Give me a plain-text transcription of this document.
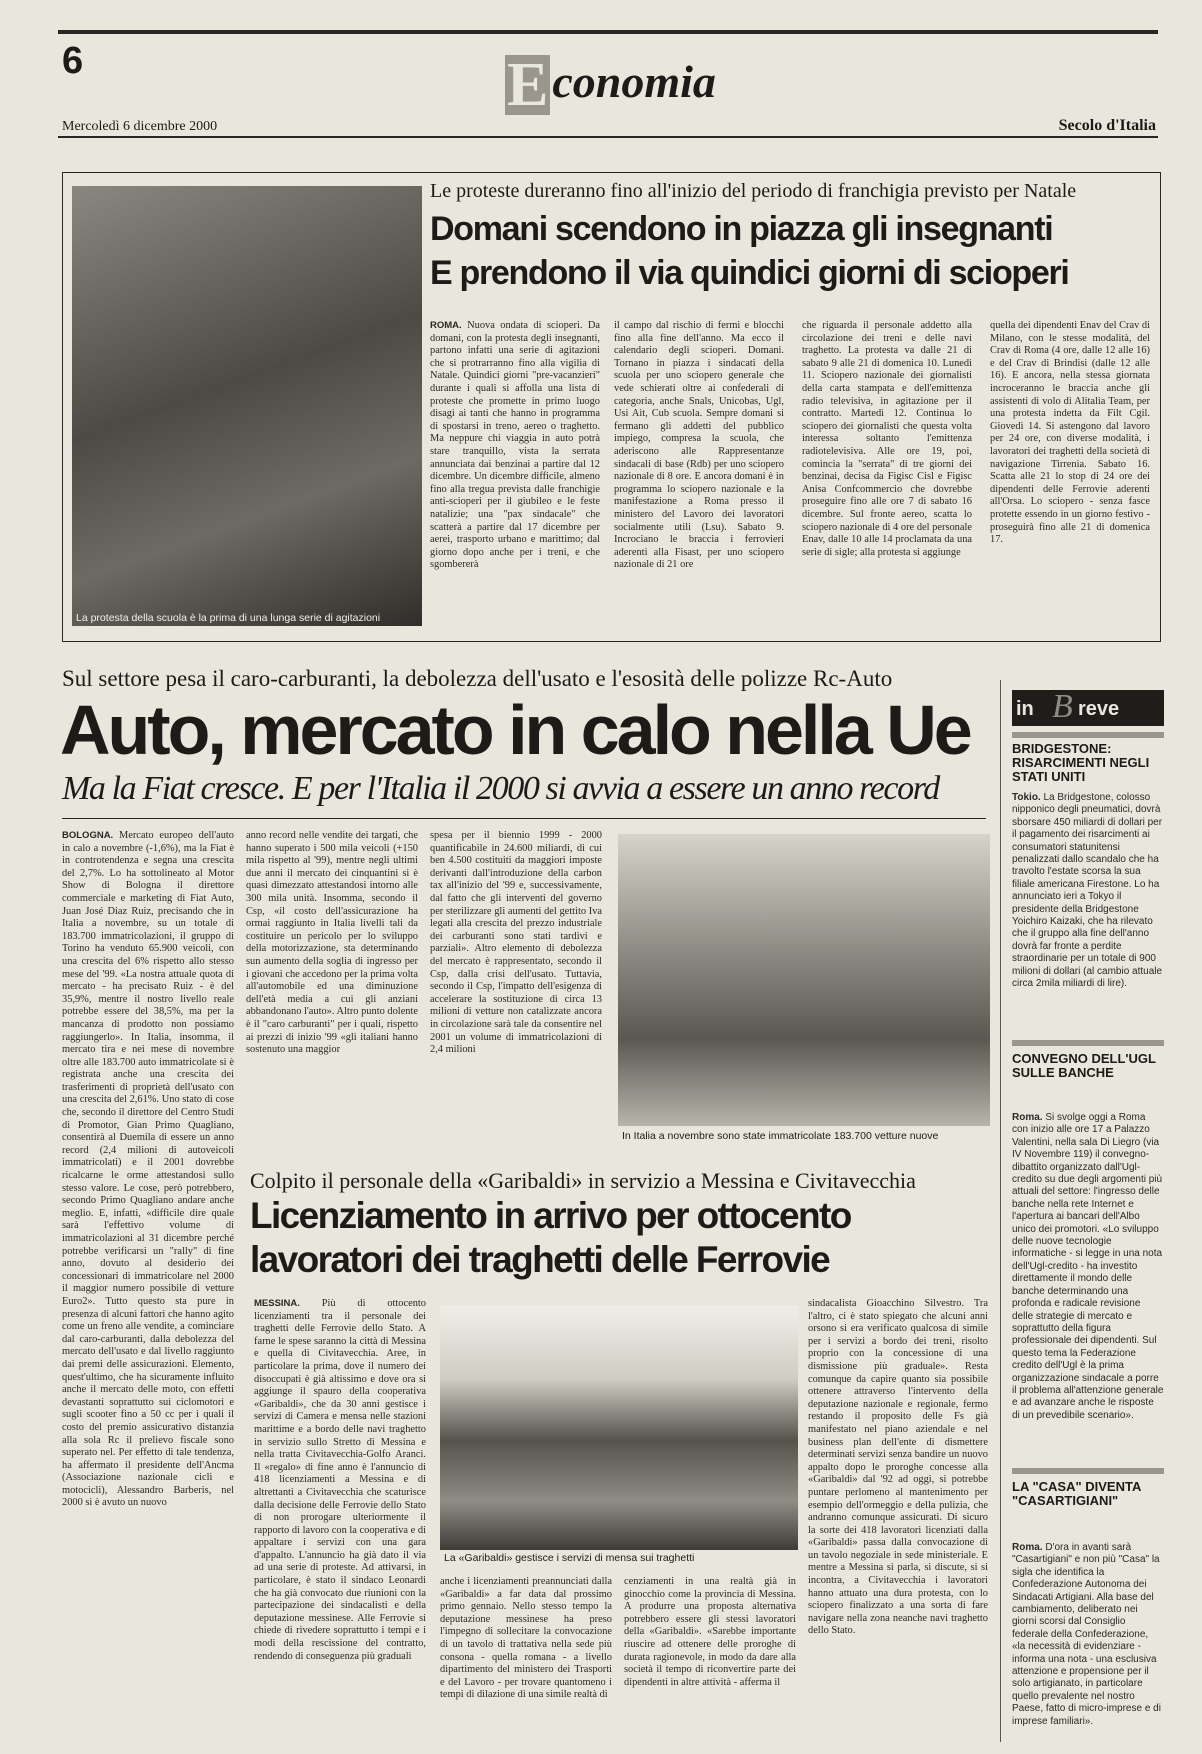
6	Economia
Mercoledì 6 dicembre 2000	Secolo d'Italia
La protesta della scuola è la prima di una lunga serie di agitazioni
Le proteste dureranno fino all'inizio del periodo di franchigia previsto per Natale
Domani scendono in piazza gli insegnanti
E prendono il via quindici giorni di scioperi
ROMA. Nuova ondata di scioperi. Da domani, con la protesta degli insegnanti, partono infatti una serie di agitazioni che si protrarranno fino alla vigilia di Natale. Quindici giorni "pre-vacanzieri" durante i quali si affolla una lista di proteste che promette in primo luogo disagi ai tanti che hanno in programma di spostarsi in treno, aereo o traghetto. Ma neppure chi viaggia in auto potrà stare tranquillo, vista la serrata annunciata dai benzinai a partire dal 12 dicembre. Un dicembre difficile, almeno fino alla tregua prevista dalle franchigie anti-scioperi per il giubileo e le feste natalizie; una "pax sindacale" che scatterà a partire dal 17 dicembre per aerei, trasporto urbano e marittimo; dal giorno dopo anche per i treni, e che sgombererà
il campo dal rischio di fermi e blocchi fino alla fine dell'anno. Ma ecco il calendario degli scioperi. Domani. Tornano in piazza i sindacati della scuola per uno sciopero generale che vede schierati oltre ai confederali di categoria, anche Snals, Unicobas, Ugl, Usi Ait, Cub scuola. Sempre domani si fermano gli addetti del pubblico impiego, compresa la scuola, che aderiscono alle Rappresentanze sindacali di base (Rdb) per uno sciopero nazionale di 8 ore. E ancora domani è in programma lo sciopero nazionale e la manifestazione a Roma presso il ministero del Lavoro dei lavoratori socialmente utili (Lsu). Sabato 9. Incrociano le braccia i ferrovieri aderenti alla Fisast, per uno sciopero nazionale di 21 ore
che riguarda il personale addetto alla circolazione dei treni e delle navi traghetto. La protesta va dalle 21 di sabato 9 alle 21 di domenica 10. Lunedì 11. Sciopero nazionale dei giornalisti della carta stampata e dell'emittenza radio televisiva, in agitazione per il contratto. Martedì 12. Continua lo sciopero dei giornalisti che questa volta interessa soltanto l'emittenza radiotelevisiva. Alle ore 19, poi, comincia la "serrata" di tre giorni dei benzinai, decisa da Figisc Cisl e Figisc Anisa Confcommercio che dovrebbe proseguire fino alle ore 7 di sabato 16 dicembre. Sul fronte aereo, scatta lo sciopero nazionale di 4 ore del personale Enav, dalle 10 alle 14 proclamata da una serie di sigle; alla protesta si aggiunge
quella dei dipendenti Enav del Crav di Milano, con le stesse modalità, del Crav di Roma (4 ore, dalle 12 alle 16) e del Crav di Brindisi (dalle 12 alle 16). E ancora, nella stessa giornata incroceranno le braccia anche gli assistenti di volo di Alitalia Team, per una protesta indetta da Filt Cgil. Giovedì 14. Si astengono dal lavoro per 24 ore, con diverse modalità, i lavoratori dei traghetti della società di navigazione Tirrenia. Sabato 16. Scatta alle 21 lo stop di 24 ore dei dipendenti delle Ferrovie aderenti all'Orsa. Lo sciopero - senza fasce protette essendo in un giorno festivo - proseguirà fino alle 21 di domenica 17.
Sul settore pesa il caro-carburanti, la debolezza dell'usato e l'esosità delle polizze Rc-Auto
Auto, mercato in calo nella Ue
Ma la Fiat cresce. E per l'Italia il 2000 si avvia a essere un anno record
BOLOGNA. Mercato europeo dell'auto in calo a novembre (-1,6%), ma la Fiat è in controtendenza e segna una crescita del 2,7%. Lo ha sottolineato al Motor Show di Bologna il direttore commerciale e marketing di Fiat Auto, Juan José Diaz Ruiz, precisando che in Italia a novembre, su un totale di 183.700 immatricolazioni, il gruppo di Torino ha venduto 65.900 veicoli, con una crescita del 6% rispetto allo stesso mese del '99. «La nostra attuale quota di mercato - ha precisato Ruiz - è del 35,9%, mentre il nostro livello reale potrebbe essere del 38,5%, ma per la mancanza di prodotto non possiamo raggiungerlo». In Italia, insomma, il mercato tira e nei mese di novembre oltre alle 183.700 auto immatricolate si è registrata anche una crescita dei trasferimenti di proprietà dell'usato con una crescita del 2,61%. Uno stato di cose che, secondo il direttore del Centro Studi di Promotor, Gian Primo Quagliano, consentirà al Duemila di essere un anno record (2,4 milioni di autoveicoli immatricolati) e il 2001 dovrebbe ricalcarne le orme attestandosi sullo stesso valore. Le cose, però potrebbero, secondo Primo Quagliano andare anche meglio. E, infatti, «difficile dire quale sarà l'effettivo volume di immatricolazioni al 31 dicembre perché potrebbe verificarsi un "rally" di fine anno, dovuto al desiderio dei concessionari di immatricolare nel 2000 il maggior numero possibile di vetture Euro2». Tutto questo sta pure in presenza di alcuni fattori che hanno agito come un freno alle vendite, a cominciare dal caro-carburanti, dalla debolezza del mercato dell'usato e dal livello raggiunto dai premi delle assicurazioni. Elemento, quest'ultimo, che ha sicuramente influito anche il mercato delle moto, con effetti devastanti soprattutto sui ciclomotori e sugli scooter fino a 50 cc per i quali il costo del premio assicurativo distanzia alla sola Rc il prelievo fiscale sono superato nel. Per effetto di tale tendenza, ha affermato il presidente dell'Ancma (Associazione nazionale cicli e motocicli), Alessandro Barberis, nel 2000 si è avuto un nuovo
anno record nelle vendite dei targati, che hanno superato i 500 mila veicoli (+150 mila rispetto al '99), mentre negli ultimi due anni il mercato dei cinquantini si è quasi dimezzato attestandosi intorno alle 300 mila unità. Insomma, secondo il Csp, «il costo dell'assicurazione ha ormai raggiunto in Italia livelli tali da costituire un pericolo per lo sviluppo della motorizzazione, sta determinando sun aumento della soglia di ingresso per i giovani che accedono per la prima volta all'automobile ed una diminuzione dell'età media a cui gli anziani abbandonano l'auto». Altro punto dolente è il "caro carburanti" per i quali, rispetto ai prezzi di inizio '99 «gli italiani hanno sostenuto una maggior
spesa per il biennio 1999 - 2000 quantificabile in 24.600 miliardi, di cui ben 4.500 costituiti da maggiori imposte derivanti dall'introduzione della carbon tax all'inizio del '99 e, successivamente, dal fatto che gli interventi del governo per sterilizzare gli aumenti del gettito Iva legati alla crescita del prezzo industriale dei carburanti sono stati tardivi e parziali». Altro elemento di debolezza del mercato è rappresentato, secondo il Csp, dalla crisi dell'usato. Tuttavia, secondo il Csp, l'impatto dell'esigenza di accelerare la sostituzione di circa 13 milioni di vetture non catalizzate ancora in circolazione sarà tale da consentire nel 2001 un volume di immatricolazioni di 2,4 milioni
In Italia a novembre sono state immatricolate 183.700 vetture nuove
Colpito il personale della «Garibaldi» in servizio a Messina e Civitavecchia
Licenziamento in arrivo per ottocento
lavoratori dei traghetti delle Ferrovie
MESSINA. Più di ottocento licenziamenti tra il personale dei traghetti delle Ferrovie dello Stato. A farne le spese saranno la città di Messina e quella di Civitavecchia. Aree, in particolare la prima, dove il numero dei disoccupati è già altissimo e dove ora si aggiunge il spauro della cooperativa «Garibaldi», che da 30 anni gestisce i servizi di Camera e mensa nelle stazioni marittime e a bordo delle navi traghetto in servizio sullo Stretto di Messina e nella tratta Civitavecchia-Golfo Aranci. Il «regalo» di fine anno è l'annuncio di 418 licenziamenti a Messina e di altrettanti a Civitavecchia che scaturisce dalla decisione delle Ferrovie dello Stato di non prorogare ulteriormente il rapporto di lavoro con la cooperativa e di appaltare i servizi con una gara d'appalto. L'annuncio ha già dato il via ad una serie di proteste. Ad attivarsi, in particolare, è stato il sindaco Leonardi che ha già convocato due riunioni con la partecipazione dei sindacalisti e della deputazione messinese. Alle Ferrovie si chiede di rivedere soprattutto i tempi e i modi della rescissione del contratto, rendendo di conseguenza più graduali
La «Garibaldi» gestisce i servizi di mensa sui traghetti
anche i licenziamenti preannunciati dalla «Garibaldi» a far data dal prossimo primo gennaio. Nello stesso tempo la deputazione messinese ha preso l'impegno di sollecitare la convocazione di un tavolo di trattativa nella sede più consona - quella romana - a livello dipartimento del ministero dei Trasporti e del Lavoro - per trovare quantomeno i tempi di dilazione di una simile realtà di
cenziamenti in una realtà già in ginocchio come la provincia di Messina. A produrre una proposta alternativa potrebbero essere gli stessi lavoratori della «Garibaldi». «Sarebbe importante riuscire ad ottenere delle proroghe di durata ragionevole, in modo da dare alla società il tempo di riconvertire parte dei dipendenti in altre attività - afferma il
sindacalista Gioacchino Silvestro. Tra l'altro, ci è stato spiegato che alcuni anni orsono si era verificato qualcosa di simile per i servizi a bordo dei treni, risolto proprio con la concessione di una dismissione più graduale». Resta comunque da capire quanto sia possibile ottenere attraverso l'intervento della deputazione nazionale e regionale, fermo restando il proposito delle Fs già manifestato nel piano aziendale e nel business plan dell'ente di dismettere determinati servizi senza bandire un nuovo appalto dopo le proroghe concesse alla «Garibaldi» dal '92 ad oggi, si potrebbe puntare perlomeno al mantenimento per esempio dell'ormeggio e della pulizia, che andranno comunque assicurati. Di sicuro la sorte dei 418 lavoratori licenziati dalla «Garibaldi» passa dalla convocazione di un tavolo negoziale in sede ministeriale. E mentre a Messina si parla, si discute, si si incontra, a Civitavecchia i lavoratori hanno attuato una dura protesta, con lo sciopero finalizzato a una sorta di fare navigare nella zona neanche navi traghetto dello Stato.
in B reve
BRIDGESTONE: RISARCIMENTI NEGLI STATI UNITI
Tokio. La Bridgestone, colosso nipponico degli pneumatici, dovrà sborsare 450 miliardi di dollari per il pagamento dei risarcimenti ai consumatori statunitensi penalizzati dallo scandalo che ha travolto l'estate scorsa la sua filiale americana Firestone. Lo ha annunciato ieri a Tokyo il presidente della Bridgestone Yoichiro Kaizaki, che ha rilevato che il gruppo alla fine dell'anno dovrà far fronte a perdite straordinarie per un totale di 900 milioni di dollari (al cambio attuale circa 2mila miliardi di lire).
CONVEGNO DELL'UGL SULLE BANCHE
Roma. Si svolge oggi a Roma con inizio alle ore 17 a Palazzo Valentini, nella sala Di Liegro (via IV Novembre 119) il convegno-dibattito organizzato dall'Ugl-credito su due degli argomenti più attuali del settore: l'ingresso delle banche nella rete Internet e l'apertura ai bancari dell'Albo unico dei promotori. «Lo sviluppo delle nuove tecnologie informatiche - si legge in una nota dell'Ugl-credito - ha investito direttamente il mondo delle banche determinando una profonda e radicale revisione delle strategie di mercato e soprattutto della figura professionale dei dipendenti. Sul questo tema la Federazione credito dell'Ugl è la prima organizzazione sindacale a porre il problema all'attenzione generale e ad avanzare anche le risposte di un prevedibile scenario».
LA "CASA" DIVENTA "CASARTIGIANI"
Roma. D'ora in avanti sarà "Casartigiani" e non più "Casa" la sigla che identifica la Confederazione Autonoma dei Sindacati Artigiani. Alla base del cambiamento, deliberato nei giorni scorsi dal Consiglio federale della Confederazione, «la necessità di evidenziare - informa una nota - una esclusiva attenzione e propensione per il solo artigianato, in particolare quello prevalente nel nostro Paese, fatto di micro-imprese e di imprese familiari».
